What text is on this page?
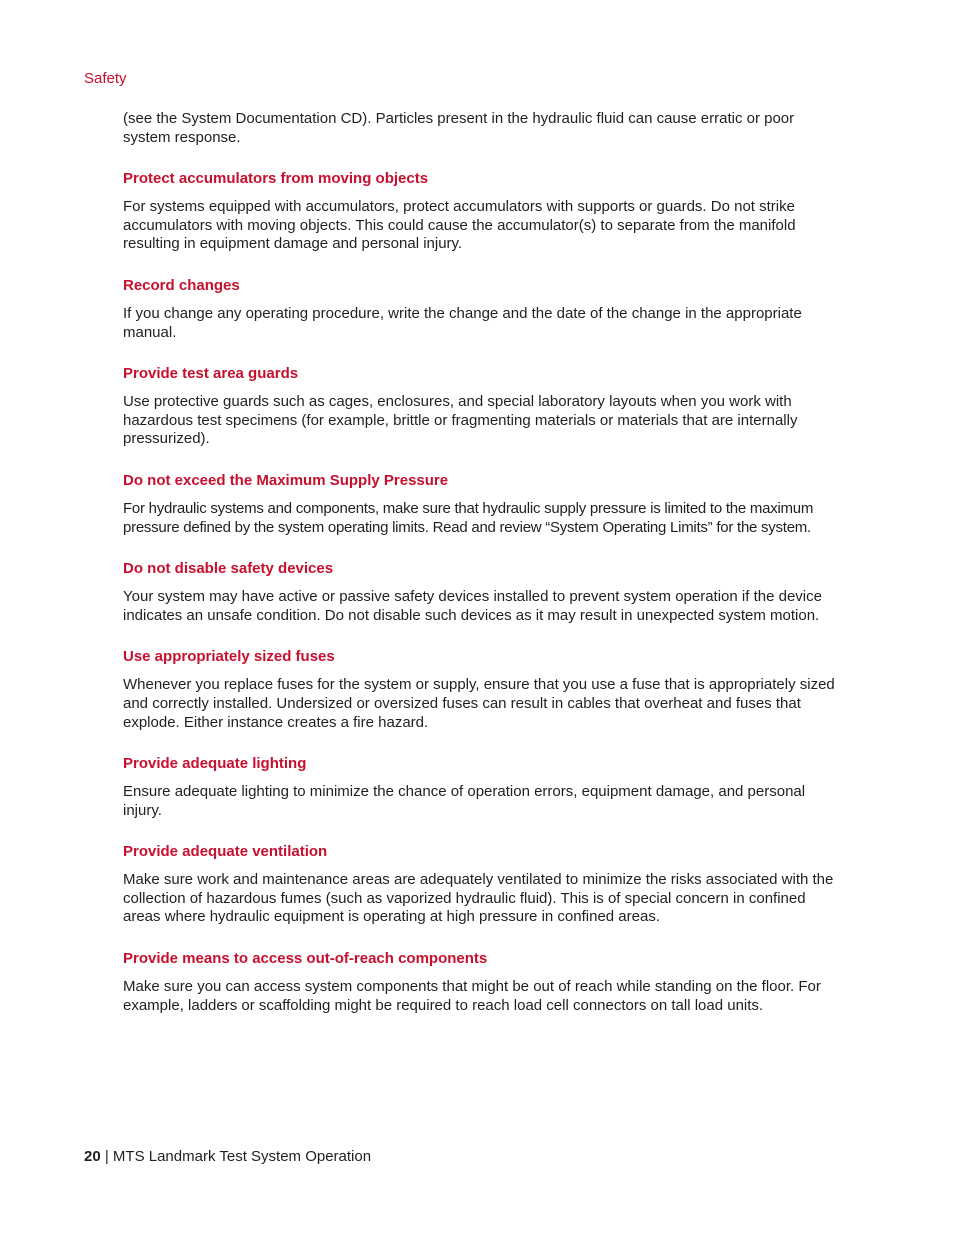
Safety

(see the System Documentation CD). Particles present in the hydraulic fluid can cause erratic or poor system response.

Protect accumulators from moving objects

For systems equipped with accumulators, protect accumulators with supports or guards. Do not strike accumulators with moving objects. This could cause the accumulator(s) to separate from the manifold resulting in equipment damage and personal injury.

Record changes

If you change any operating procedure, write the change and the date of the change in the appropriate manual.

Provide test area guards

Use protective guards such as cages, enclosures, and special laboratory layouts when you work with hazardous test specimens (for example, brittle or fragmenting materials or materials that are internally pressurized).

Do not exceed the Maximum Supply Pressure

For hydraulic systems and components, make sure that hydraulic supply pressure is limited to the maximum pressure defined by the system operating limits. Read and review “System Operating Limits” for the system.

Do not disable safety devices

Your system may have active or passive safety devices installed to prevent system operation if the device indicates an unsafe condition. Do not disable such devices as it may result in unexpected system motion.

Use appropriately sized fuses

Whenever you replace fuses for the system or supply, ensure that you use a fuse that is appropriately sized and correctly installed. Undersized or oversized fuses can result in cables that overheat and fuses that explode. Either instance creates a fire hazard.

Provide adequate lighting

Ensure adequate lighting to minimize the chance of operation errors, equipment damage, and personal injury.

Provide adequate ventilation

Make sure work and maintenance areas are adequately ventilated to minimize the risks associated with the collection of hazardous fumes (such as vaporized hydraulic fluid). This is of special concern in confined areas where hydraulic equipment is operating at high pressure in confined areas.

Provide means to access out-of-reach components

Make sure you can access system components that might be out of reach while standing on the floor. For example, ladders or scaffolding might be required to reach load cell connectors on tall load units.

20 | MTS Landmark Test System Operation
